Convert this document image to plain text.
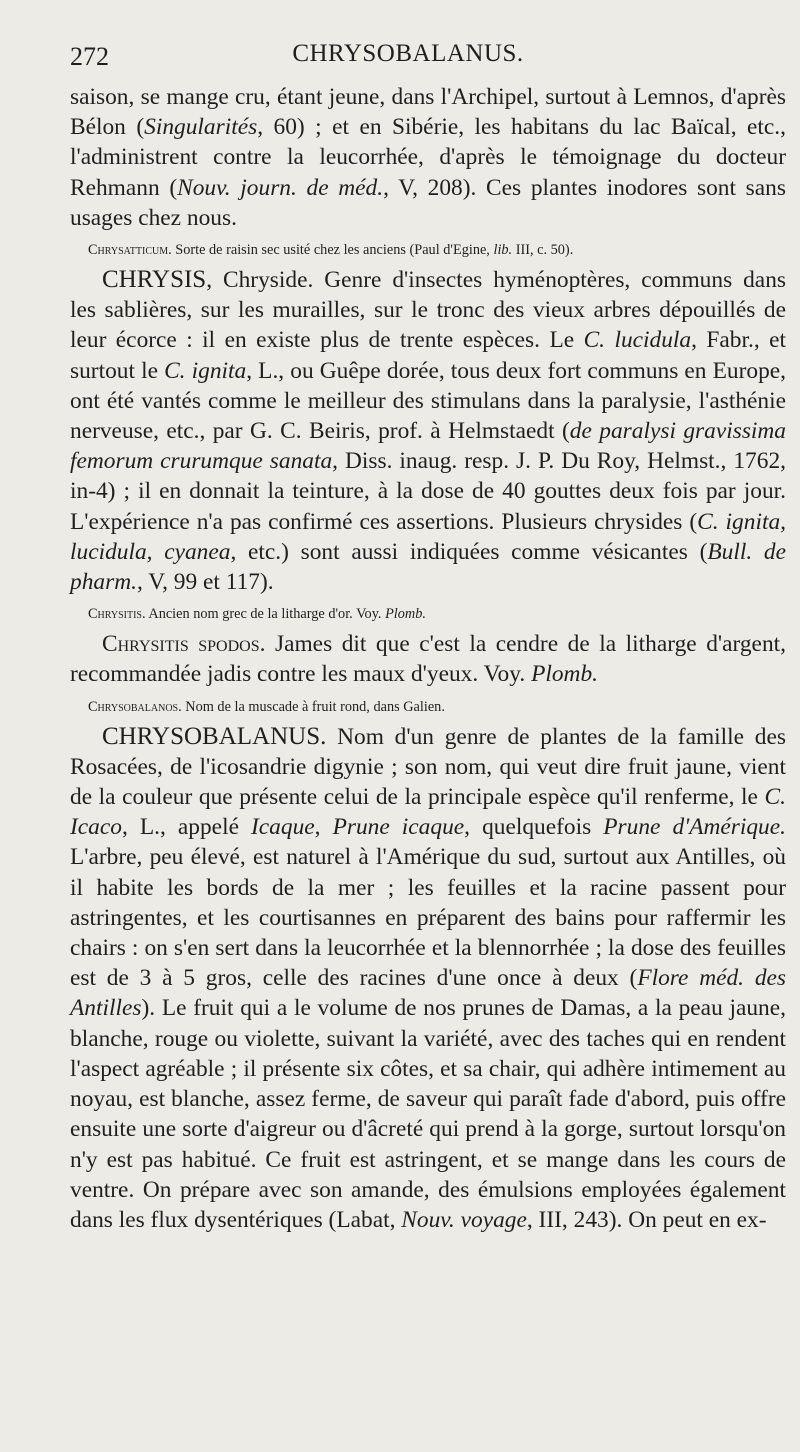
272	CHRYSOBALANUS.

saison, se mange cru, étant jeune, dans l'Archipel, surtout à Lemnos, d'après Bélon (Singularités, 60) ; et en Sibérie, les habitans du lac Baïcal, etc., l'administrent contre la leucorrhée, d'après le témoignage du docteur Rehmann (Nouv. journ. de méd., V, 208). Ces plantes inodores sont sans usages chez nous.

Chrysatticum. Sorte de raisin sec usité chez les anciens (Paul d'Egine, lib. III, c. 50).

CHRYSIS, Chryside. Genre d'insectes hyménoptères, communs dans les sablières, sur les murailles, sur le tronc des vieux arbres dépouillés de leur écorce : il en existe plus de trente espèces. Le C. lucidula, Fabr., et surtout le C. ignita, L., ou Guêpe dorée, tous deux fort communs en Europe, ont été vantés comme le meilleur des stimulans dans la paralysie, l'asthénie nerveuse, etc., par G. C. Beiris, prof. à Helmstaedt (de paralysi gravissima femorum crurumque sanata, Diss. inaug. resp. J. P. Du Roy, Helmst., 1762, in-4) ; il en donnait la teinture, à la dose de 40 gouttes deux fois par jour. L'expérience n'a pas confirmé ces assertions. Plusieurs chrysides (C. ignita, lucidula, cyanea, etc.) sont aussi indiquées comme vésicantes (Bull. de pharm., V, 99 et 117).

Chrysitis. Ancien nom grec de la litharge d'or. Voy. Plomb.

Chrysitis spodos. James dit que c'est la cendre de la litharge d'argent, recommandée jadis contre les maux d'yeux. Voy. Plomb.

Chrysobalanos. Nom de la muscade à fruit rond, dans Galien.

CHRYSOBALANUS. Nom d'un genre de plantes de la famille des Rosacées, de l'icosandrie digynie ; son nom, qui veut dire fruit jaune, vient de la couleur que présente celui de la principale espèce qu'il renferme, le C. Icaco, L., appelé Icaque, Prune icaque, quelquefois Prune d'Amérique. L'arbre, peu élevé, est naturel à l'Amérique du sud, surtout aux Antilles, où il habite les bords de la mer ; les feuilles et la racine passent pour astringentes, et les courtisannes en préparent des bains pour raffermir les chairs : on s'en sert dans la leucorrhée et la blennorrhée ; la dose des feuilles est de 3 à 5 gros, celle des racines d'une once à deux (Flore méd. des Antilles). Le fruit qui a le volume de nos prunes de Damas, a la peau jaune, blanche, rouge ou violette, suivant la variété, avec des taches qui en rendent l'aspect agréable ; il présente six côtes, et sa chair, qui adhère intimement au noyau, est blanche, assez ferme, de saveur qui paraît fade d'abord, puis offre ensuite une sorte d'aigreur ou d'âcreté qui prend à la gorge, surtout lorsqu'on n'y est pas habitué. Ce fruit est astringent, et se mange dans les cours de ventre. On prépare avec son amande, des émulsions employées également dans les flux dysentériques (Labat, Nouv. voyage, III, 243). On peut en ex-
